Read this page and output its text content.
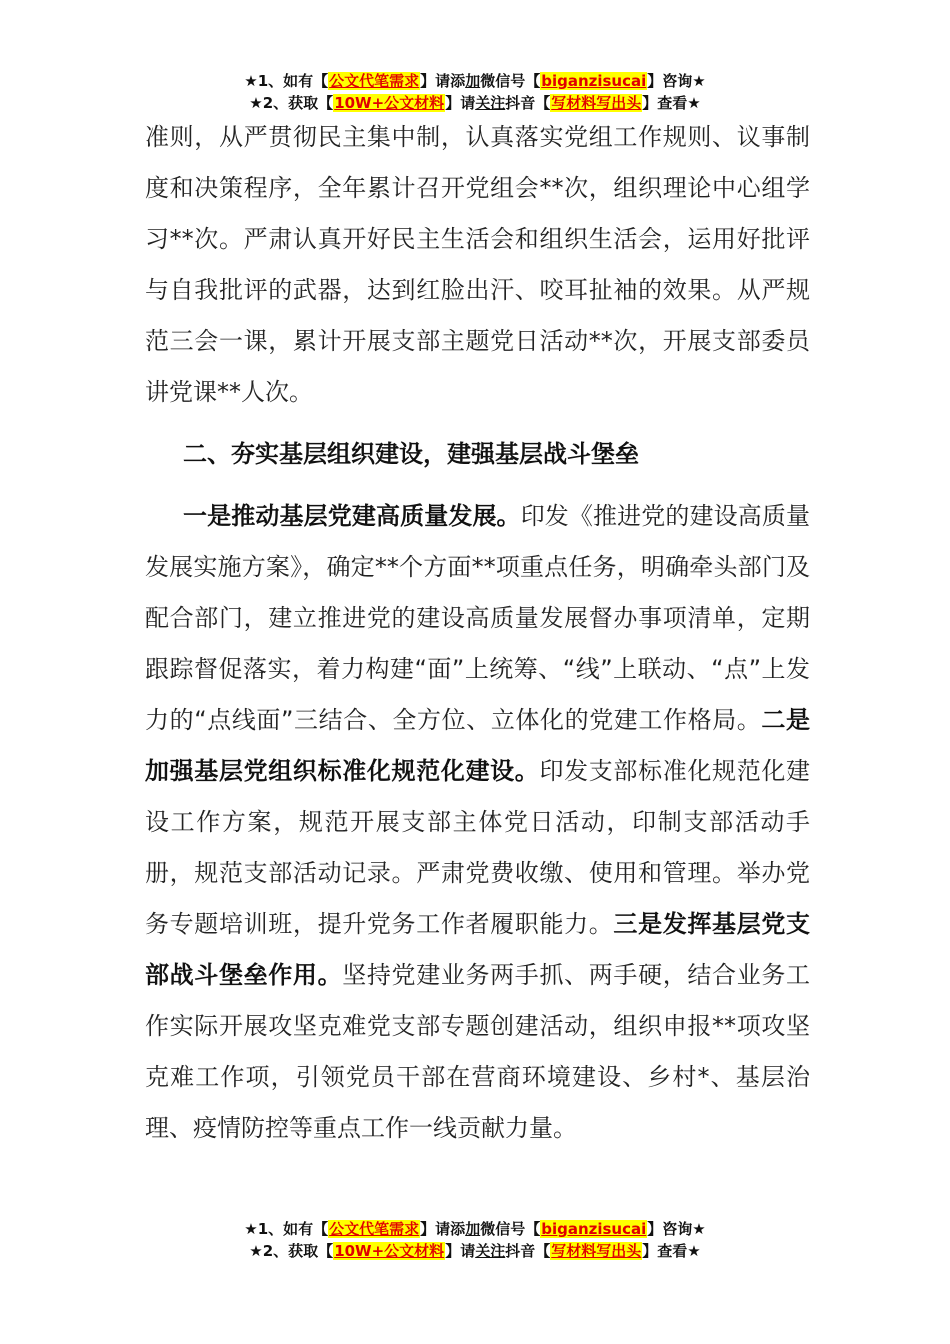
★1、如有【公文代笔需求】请添加微信号【biganzisucai】咨询★
★2、获取【10W+公文材料】请关注抖音【写材料写出头】查看★

准则，从严贯彻民主集中制，认真落实党组工作规则、议事制度和决策程序，全年累计召开党组会**次，组织理论中心组学习**次。严肃认真开好民主生活会和组织生活会，运用好批评与自我批评的武器，达到红脸出汗、咬耳扯袖的效果。从严规范三会一课，累计开展支部主题党日活动**次，开展支部委员讲党课**人次。

二、夯实基层组织建设，建强基层战斗堡垒

一是推动基层党建高质量发展。印发《推进党的建设高质量发展实施方案》，确定**个方面**项重点任务，明确牵头部门及配合部门，建立推进党的建设高质量发展督办事项清单，定期跟踪督促落实，着力构建“面”上统筹、“线”上联动、“点”上发力的“点线面”三结合、全方位、立体化的党建工作格局。二是加强基层党组织标准化规范化建设。印发支部标准化规范化建设工作方案，规范开展支部主体党日活动，印制支部活动手册，规范支部活动记录。严肃党费收缴、使用和管理。举办党务专题培训班，提升党务工作者履职能力。三是发挥基层党支部战斗堡垒作用。坚持党建业务两手抓、两手硬，结合业务工作实际开展攻坚克难党支部专题创建活动，组织申报**项攻坚克难工作项，引领党员干部在营商环境建设、乡村*、基层治理、疫情防控等重点工作一线贡献力量。

★1、如有【公文代笔需求】请添加微信号【biganzisucai】咨询★
★2、获取【10W+公文材料】请关注抖音【写材料写出头】查看★
